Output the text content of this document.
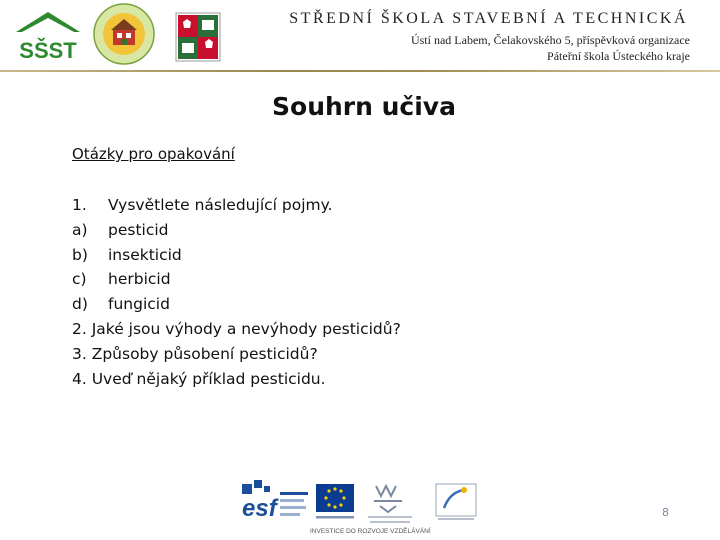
SŠST
STŘEDNÍ ŠKOLA STAVEBNÍ A TECHNICKÁ
Ústí nad Labem, Čelakovského 5, příspěvková organizace
Páteřní škola Ústeckého kraje
Souhrn učiva
Otázky pro opakování
1. Vysvětlete následující pojmy.
a) pesticid
b) insekticid
c) herbicid
d) fungicid
2. Jaké jsou výhody a nevýhody pesticidů?
3. Způsoby působení pesticidů?
4. Uveď nějaký příklad pesticidu.
esf
INVESTICE DO ROZVOJE VZDĚLÁVÁNÍ
8
